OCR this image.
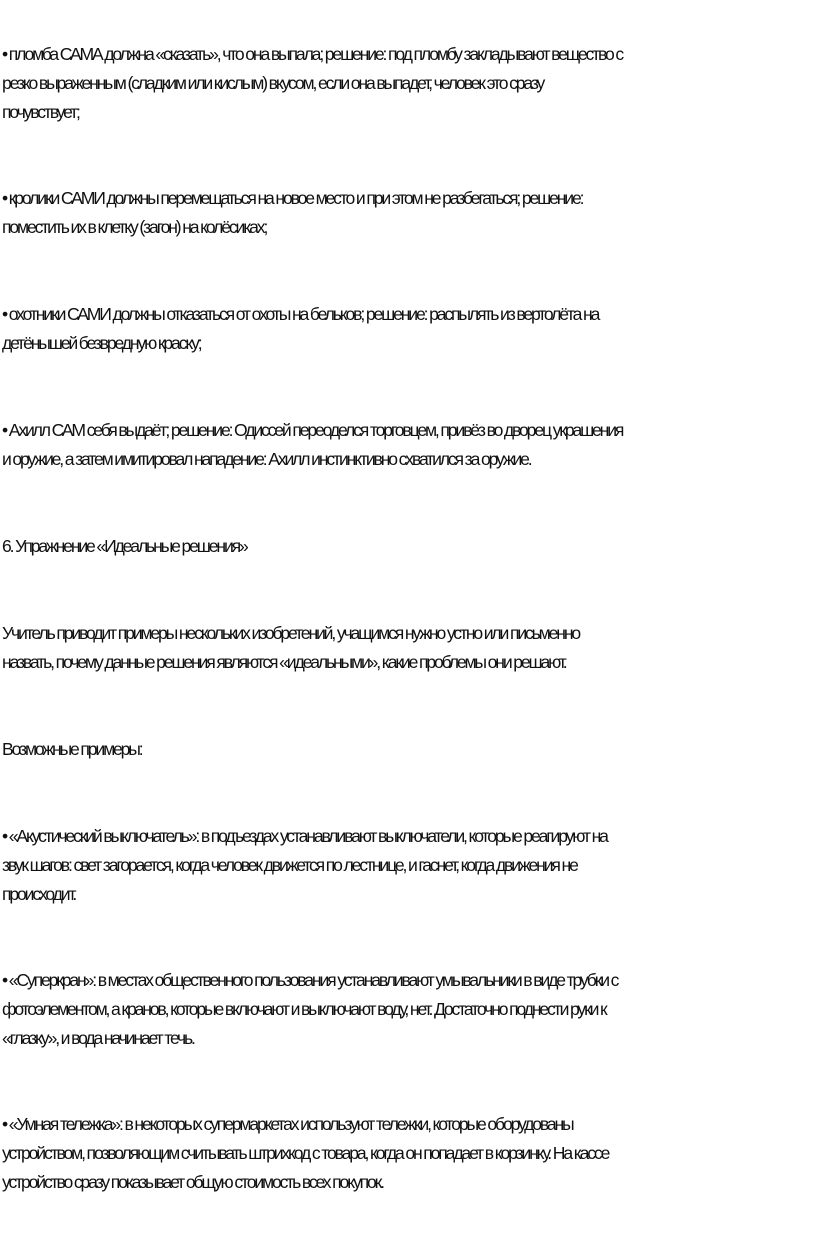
• пломба САМА должна «сказать», что она выпала; решение: под пломбу закладывают вещество с
резко выраженным (сладким или кислым) вкусом, если она выпадет, человек это сразу
почувствует;

• кролики САМИ должны перемещаться на новое место и при этом не разбегаться; решение:
поместить их в клетку (загон) на колёсиках;

• охотники САМИ должны отказаться от охоты на бельков; решение: распылять из вертолёта на
детёнышей безвредную краску;

• Ахилл САМ себя выдаёт; решение: Одиссей переоделся торговцем, привёз во дворец украшения
и оружие, а затем имитировал нападение: Ахилл инстинктивно схватился за оружие.

6. Упражнение «Идеальные решения»

Учитель приводит примеры нескольких изобретений, учащимся нужно устно или письменно
назвать, почему данные решения являются «идеальными», какие проблемы они решают.

Возможные примеры:

• «Акустический выключатель»: в подъездах устанавливают выключатели, которые реагируют на
звук шагов: свет загорается, когда человек движется по лестнице, и гаснет, когда движения не
происходит.

• «Суперкран»: в местах общественного пользования устанавливают умывальники в виде трубки с
фотоэлементом, а кранов, которые включают и выключают воду, нет. Достаточно поднести руки к
«глазку», и вода начинает течь.

• «Умная тележка»: в некоторых супермаркетах используют тележки, которые оборудованы
устройством, позволяющим считывать штрихкод с товара, когда он попадает в корзинку. На кассе
устройство сразу показывает общую стоимость всех покупок.
